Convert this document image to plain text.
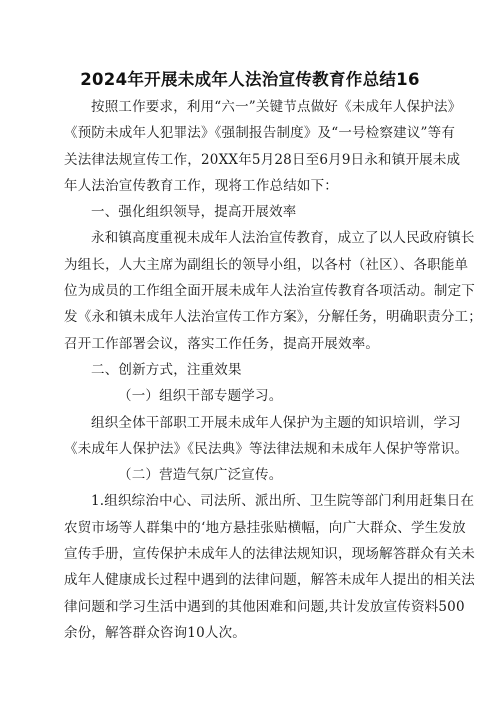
2024年开展未成年人法治宣传教育作总结16
按照工作要求，利用“六一”关键节点做好《未成年人保护法》
《预防未成年人犯罪法》《强制报告制度》及“一号检察建议”等有
关法律法规宣传工作，20XX年5月28日至6月9日永和镇开展未成
年人法治宣传教育工作，现将工作总结如下：
一、强化组织领导，提高开展效率
永和镇高度重视未成年人法治宣传教育，成立了以人民政府镇长
为组长，人大主席为副组长的领导小组，以各村（社区）、各职能单
位为成员的工作组全面开展未成年人法治宣传教育各项活动。制定下
发《永和镇未成年人法治宣传工作方案》，分解任务，明确职责分工；
召开工作部署会议，落实工作任务，提高开展效率。
二、创新方式，注重效果
（一）组织干部专题学习。
组织全体干部职工开展未成年人保护为主题的知识培训，学习
《未成年人保护法》《民法典》等法律法规和未成年人保护等常识。
（二）营造气氛广泛宣传。
1.组织综治中心、司法所、派出所、卫生院等部门利用赶集日在
农贸市场等人群集中的‘地方悬挂张贴横幅，向广大群众、学生发放
宣传手册，宣传保护未成年人的法律法规知识，现场解答群众有关未
成年人健康成长过程中遇到的法律问题，解答未成年人提出的相关法
律问题和学习生活中遇到的其他困难和问题,共计发放宣传资料500
余份，解答群众咨询10人次。
